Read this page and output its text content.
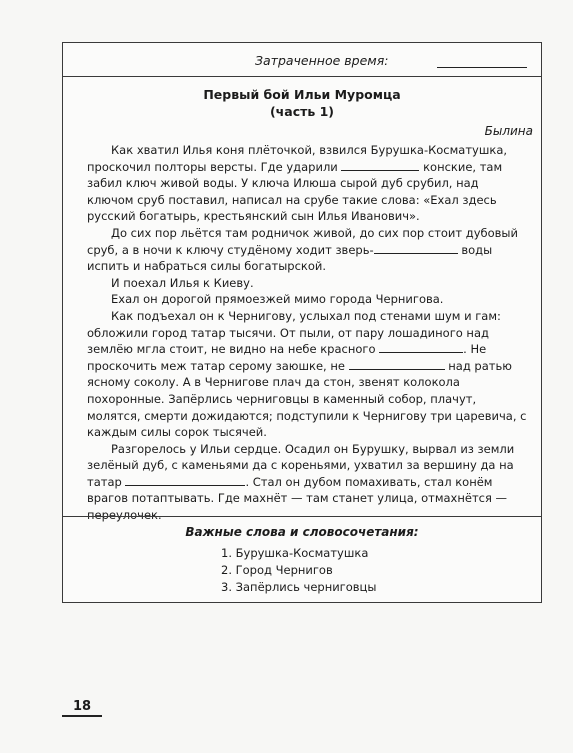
Затраченное время:
Первый бой Ильи Муромца
(часть 1)
Былина

Как хватил Илья коня плёточкой, взвился Бурушка-Косматушка, проскочил полторы версты. Где ударили	конские, там забил ключ живой воды. У ключа Илюша сырой дуб срубил, над ключом сруб поставил, написал на срубе такие слова: «Ехал здесь русский богатырь, крестьянский сын Илья Иванович».

До сих пор льётся там родничок живой, до сих пор стоит дубовый сруб, а в ночи к ключу студёному ходит зверь-	воды испить и набраться силы богатырской.

И поехал Илья к Киеву.

Ехал он дорогой прямоезжей мимо города Чернигова.

Как подъехал он к Чернигову, услыхал под стенами шум и гам: обложили город татар тысячи. От пыли, от пару лошадиного над землёю мгла стоит, не видно на небе красного	. Не проскочить меж татар серому заюшке, не	над ратью ясному соколу. А в Чернигове плач да стон, звенят колокола похоронные. Запёрлись черниговцы в каменный собор, плачут, молятся, смерти дожидаются; подступили к Чернигову три царевича, с каждым силы сорок тысячей.

Разгорелось у Ильи сердце. Осадил он Бурушку, вырвал из земли зелёный дуб, с каменьями да с кореньями, ухватил за вершину да на татар	. Стал он дубом помахивать, стал конём врагов потаптывать. Где махнёт — там станет улица, отмахнётся — переулочек.

Важные слова и словосочетания:
1. Бурушка-Косматушка
2. Город Чернигов
3. Запёрлись черниговцы
18
